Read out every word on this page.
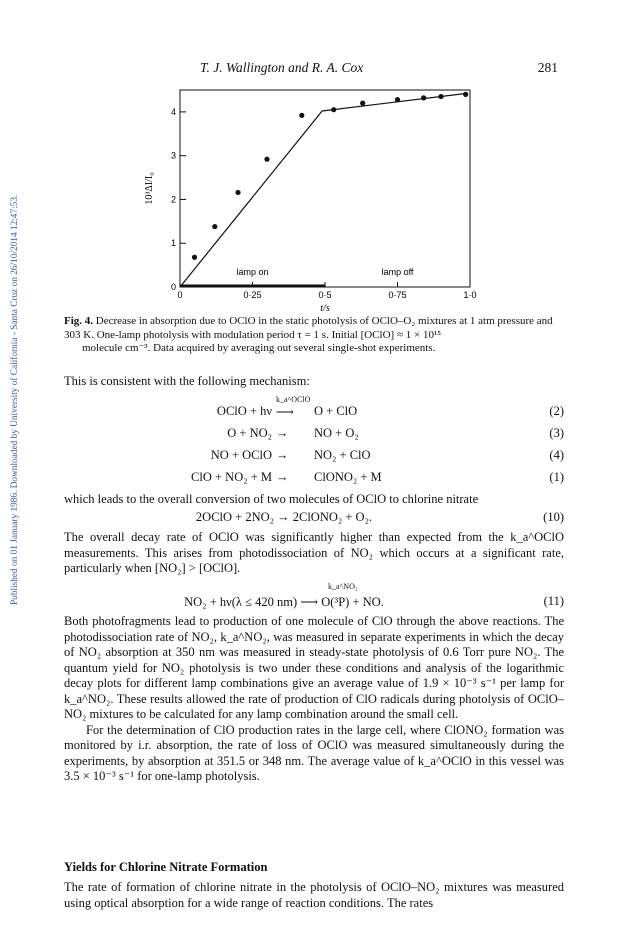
Published on 01 January 1986. Downloaded by University of California - Santa Cruz on 26/10/2014 12:47:53.
T. J. Wallington and R. A. Cox	281
0
1
2
3
4
0	0·25	0·5	0·75	1·0
t/s
10³ΔI/I₀
lamp on	lamp off
Fig. 4. Decrease in absorption due to OClO in the static photolysis of OClO–O₂ mixtures at 1 atm pressure and 303 K. One-lamp photolysis with modulation period τ = 1 s. Initial [OClO] ≈ 1 × 10¹⁵
molecule cm⁻³. Data acquired by averaging out several single-shot experiments.

This is consistent with the following mechanism:

OClO + hν ⟶ O + ClO	(2)
k_a^OClO
O + NO₂ → NO + O₂	(3)
NO + OClO → NO₂ + ClO	(4)
ClO + NO₂ + M → ClONO₂ + M	(1)

which leads to the overall conversion of two molecules of OClO to chlorine nitrate

2OClO + 2NO₂ → 2ClONO₂ + O₂.	(10)

The overall decay rate of OClO was significantly higher than expected from the k_a^OClO measurements. This arises from photodissociation of NO₂ which occurs at a significant rate, particularly when [NO₂] > [OClO].

NO₂ + hν(λ ≤ 420 nm) ⟶ O(³P) + NO.	(11)
k_a^NO₂

Both photofragments lead to production of one molecule of ClO through the above reactions. The photodissociation rate of NO₂, k_a^NO₂, was measured in separate experiments in which the decay of NO₂ absorption at 350 nm was measured in steady-state photolysis of 0.6 Torr pure NO₂. The quantum yield for NO₂ photolysis is two under these conditions and analysis of the logarithmic decay plots for different lamp combinations give an average value of 1.9 × 10⁻³ s⁻¹ per lamp for k_a^NO₂. These results allowed the rate of production of ClO radicals during photolysis of OClO–NO₂ mixtures to be calculated for any lamp combination around the small cell.

For the determination of ClO production rates in the large cell, where ClONO₂ formation was monitored by i.r. absorption, the rate of loss of OClO was measured simultaneously during the experiments, by absorption at 351.5 or 348 nm. The average value of k_a^OClO in this vessel was 3.5 × 10⁻³ s⁻¹ for one-lamp photolysis.

Yields for Chlorine Nitrate Formation

The rate of formation of chlorine nitrate in the photolysis of OClO–NO₂ mixtures was measured using optical absorption for a wide range of reaction conditions. The rates
